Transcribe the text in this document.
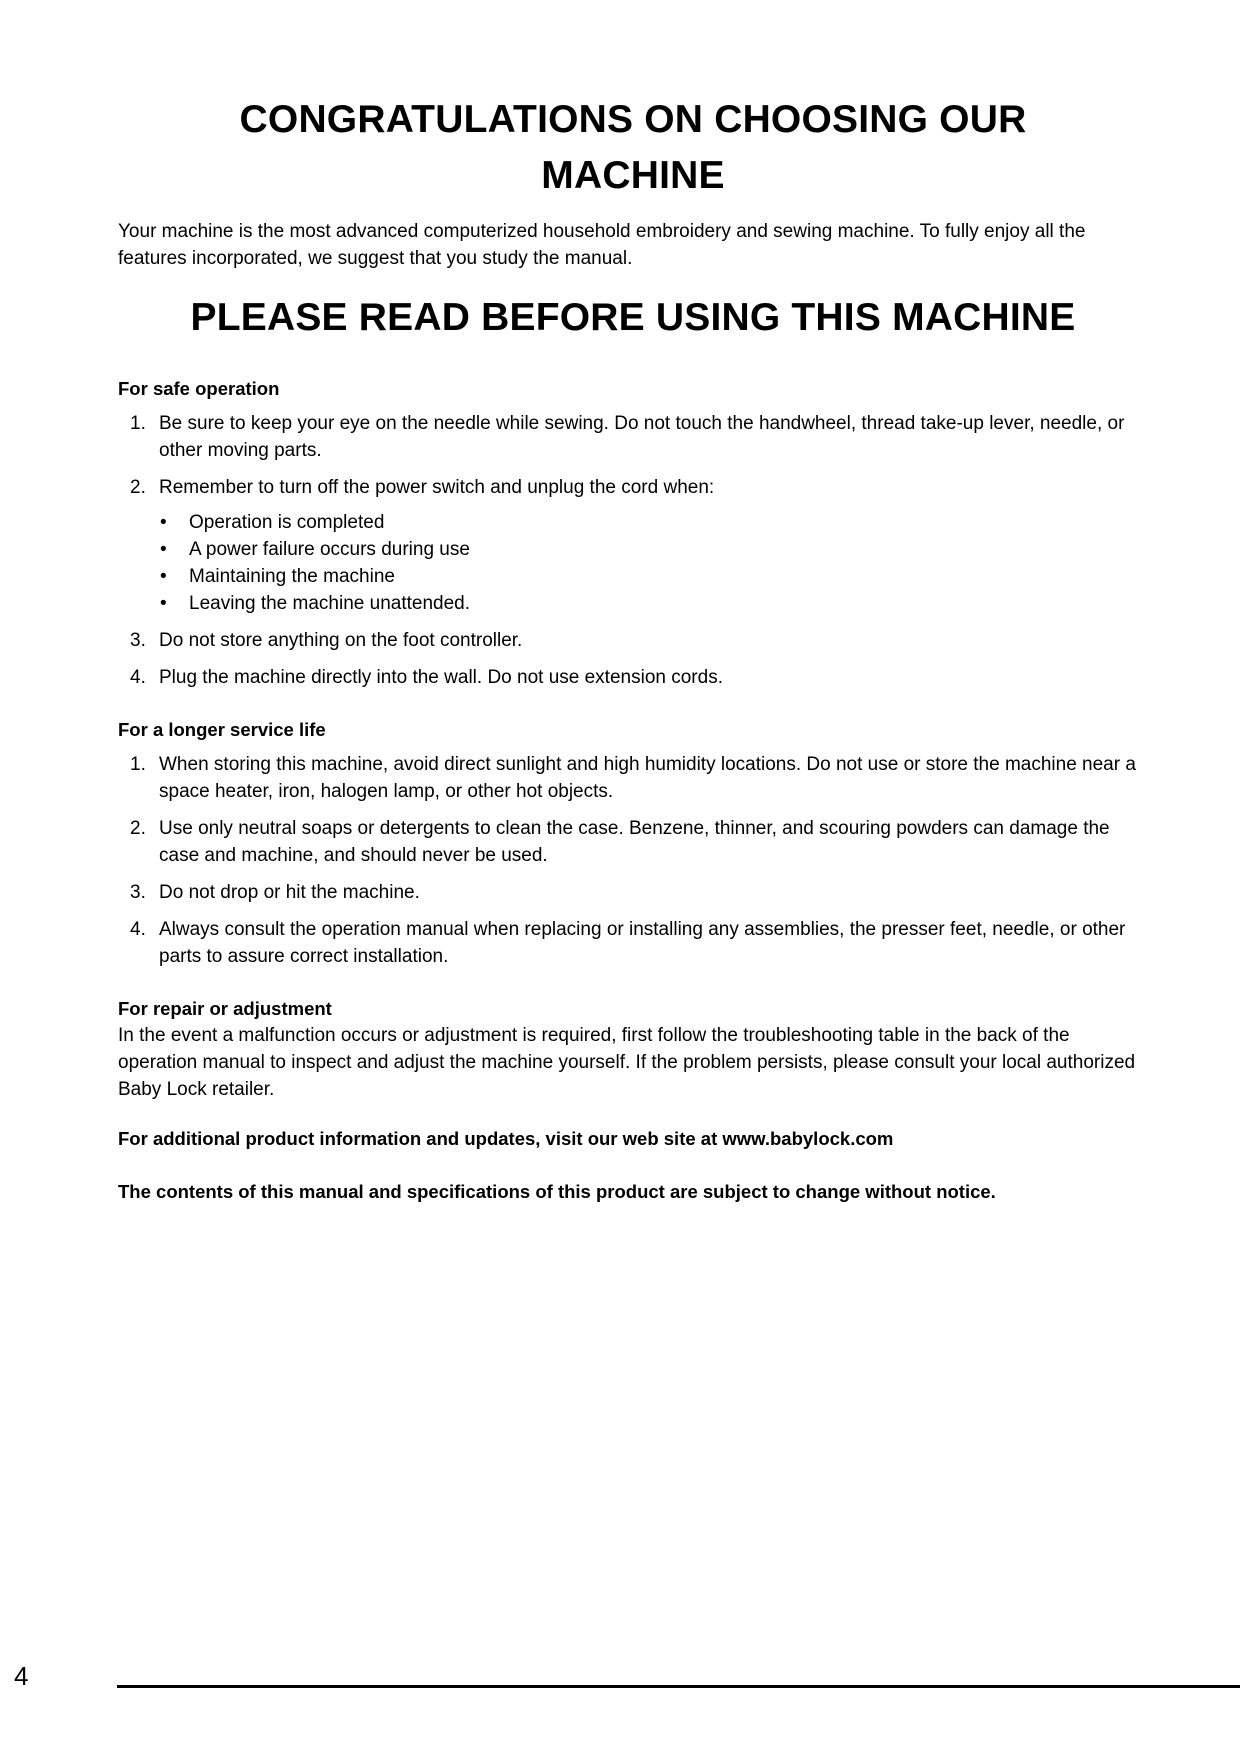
CONGRATULATIONS ON CHOOSING OUR MACHINE

Your machine is the most advanced computerized household embroidery and sewing machine. To fully enjoy all the features incorporated, we suggest that you study the manual.

PLEASE READ BEFORE USING THIS MACHINE

For safe operation

1. Be sure to keep your eye on the needle while sewing. Do not touch the handwheel, thread take-up lever, needle, or other moving parts.
2. Remember to turn off the power switch and unplug the cord when:
• Operation is completed
• A power failure occurs during use
• Maintaining the machine
• Leaving the machine unattended.
3. Do not store anything on the foot controller.
4. Plug the machine directly into the wall. Do not use extension cords.

For a longer service life

1. When storing this machine, avoid direct sunlight and high humidity locations. Do not use or store the machine near a space heater, iron, halogen lamp, or other hot objects.
2. Use only neutral soaps or detergents to clean the case. Benzene, thinner, and scouring powders can damage the case and machine, and should never be used.
3. Do not drop or hit the machine.
4. Always consult the operation manual when replacing or installing any assemblies, the presser feet, needle, or other parts to assure correct installation.

For repair or adjustment

In the event a malfunction occurs or adjustment is required, first follow the troubleshooting table in the back of the operation manual to inspect and adjust the machine yourself. If the problem persists, please consult your local authorized Baby Lock retailer.

For additional product information and updates, visit our web site at www.babylock.com

The contents of this manual and specifications of this product are subject to change without notice.

4
